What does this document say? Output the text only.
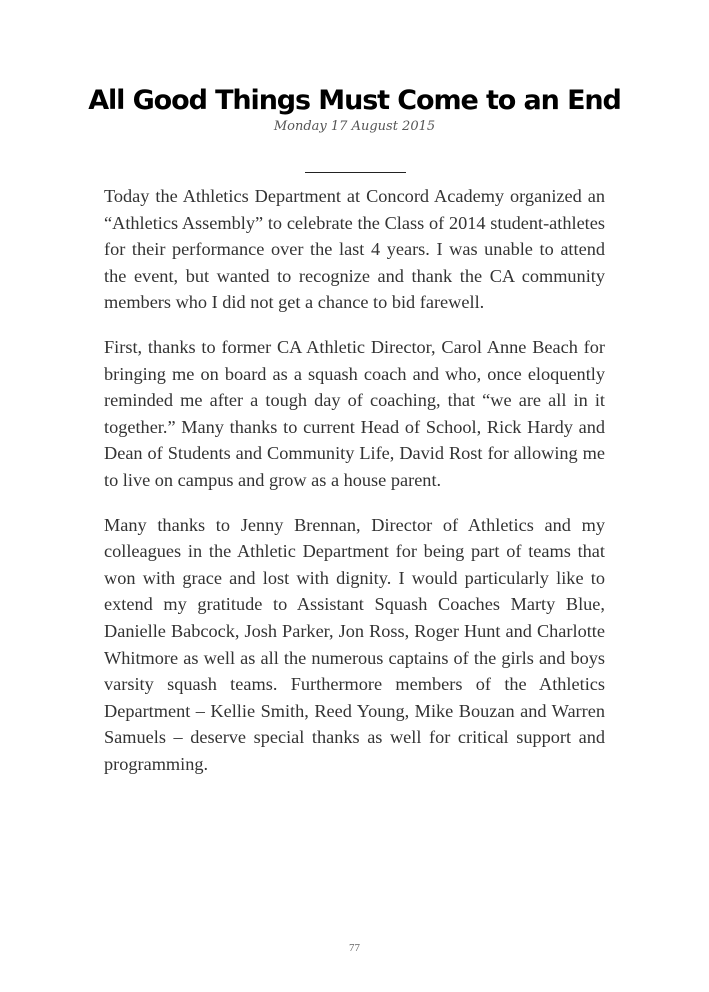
All Good Things Must Come to an End
Monday 17 August 2015

Today the Athletics Department at Concord Academy organized an “Athletics Assembly” to celebrate the Class of 2014 student-athletes for their performance over the last 4 years. I was unable to attend the event, but wanted to recognize and thank the CA community members who I did not get a chance to bid farewell.

First, thanks to former CA Athletic Director, Carol Anne Beach for bringing me on board as a squash coach and who, once eloquently reminded me after a tough day of coaching, that “we are all in it together.” Many thanks to current Head of School, Rick Hardy and Dean of Students and Community Life, David Rost for allowing me to live on campus and grow as a house parent.

Many thanks to Jenny Brennan, Director of Athletics and my colleagues in the Athletic Department for being part of teams that won with grace and lost with dignity. I would particularly like to extend my gratitude to Assistant Squash Coaches Marty Blue, Danielle Babcock, Josh Parker, Jon Ross, Roger Hunt and Charlotte Whitmore as well as all the numerous captains of the girls and boys varsity squash teams. Furthermore members of the Athletics Department – Kellie Smith, Reed Young, Mike Bouzan and Warren Samuels – deserve special thanks as well for critical support and programming.

77
